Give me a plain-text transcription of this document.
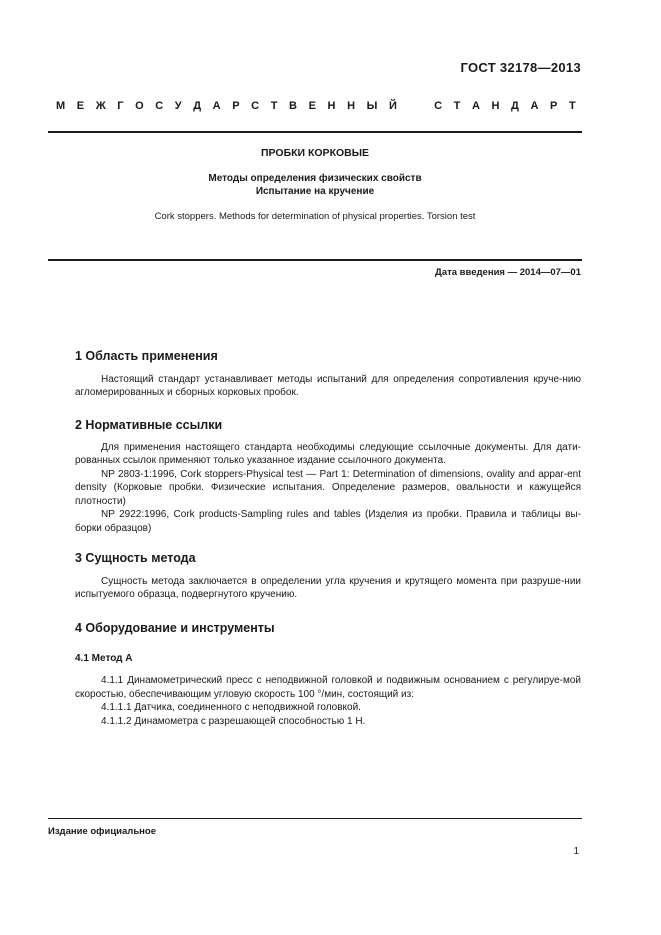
ГОСТ 32178—2013
М Е Ж Г О С У Д А Р С Т В Е Н Н Ы Й	С Т А Н Д А Р Т
ПРОБКИ КОРКОВЫЕ
Методы определения физических свойств
Испытание на кручение
Cork stoppers. Methods for determination of physical properties. Torsion test
Дата введения — 2014—07—01
1 Область применения

Настоящий стандарт устанавливает методы испытаний для определения сопротивления круче-нию агломерированных и сборных корковых пробок.

2 Нормативные ссылки

Для применения настоящего стандарта необходимы следующие ссылочные документы. Для дати-рованных ссылок применяют только указанное издание ссылочного документа.

NP 2803-1:1996, Cork stoppers-Physical test — Part 1: Determination of dimensions, ovality and appar-ent density (Корковые пробки. Физические испытания. Определение размеров, овальности и кажущейся плотности)

NP 2922:1996, Cork products-Sampling rules and tables (Изделия из пробки. Правила и таблицы вы-борки образцов)

3 Сущность метода

Сущность метода заключается в определении угла кручения и крутящего момента при разруше-нии испытуемого образца, подвергнутого кручению.

4 Оборудование и инструменты
4.1 Метод А

4.1.1 Динамометрический пресс с неподвижной головкой и подвижным основанием с регулируе-мой скоростью, обеспечивающим угловую скорость 100 °/мин, состоящий из:

4.1.1.1 Датчика, соединенного с неподвижной головкой.

4.1.1.2 Динамометра с разрешающей способностью 1 Н.

Издание официальное
1
